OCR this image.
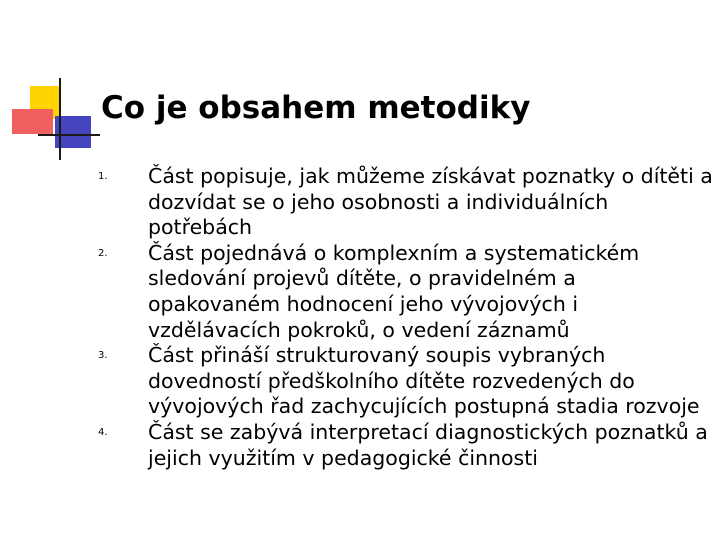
Co je obsahem metodiky
1. Část popisuje, jak můžeme získávat poznatky o dítěti a dozvídat se o jeho osobnosti a individuálních potřebách
2. Část pojednává o komplexním a systematickém sledování projevů dítěte, o pravidelném a opakovaném hodnocení jeho vývojových i vzdělávacích pokroků, o vedení záznamů
3. Část přináší strukturovaný soupis vybraných dovedností předškolního dítěte rozvedených do vývojových řad zachycujících postupná stadia rozvoje
4. Část se zabývá interpretací diagnostických poznatků a jejich využitím v pedagogické činnosti
